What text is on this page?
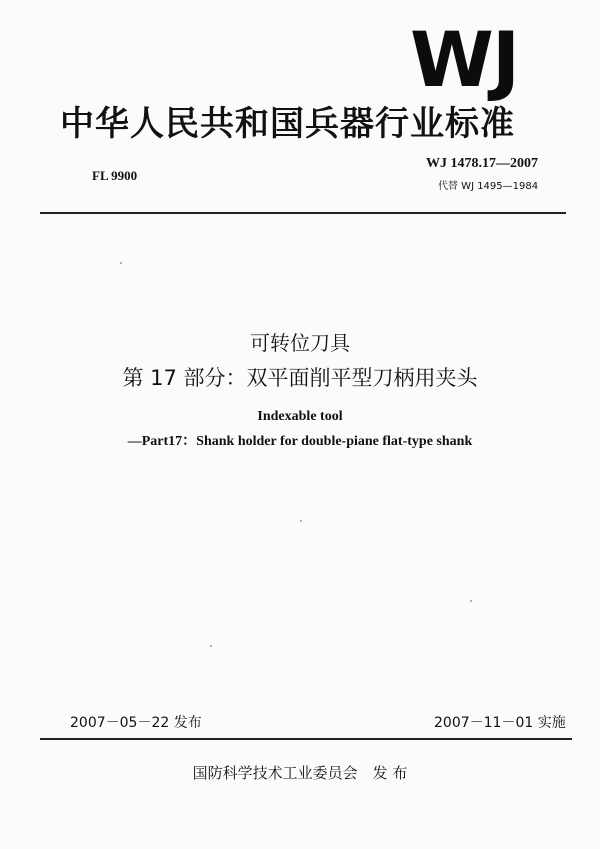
WJ
中华人民共和国兵器行业标准
FL 9900
WJ 1478.17—2007
代替 WJ 1495—1984
可转位刀具
第 17 部分：双平面削平型刀柄用夹头
Indexable tool
—Part17：Shank holder for double-piane flat-type shank
2007－05－22 发布	2007－11－01 实施
国防科学技术工业委员会　发 布
